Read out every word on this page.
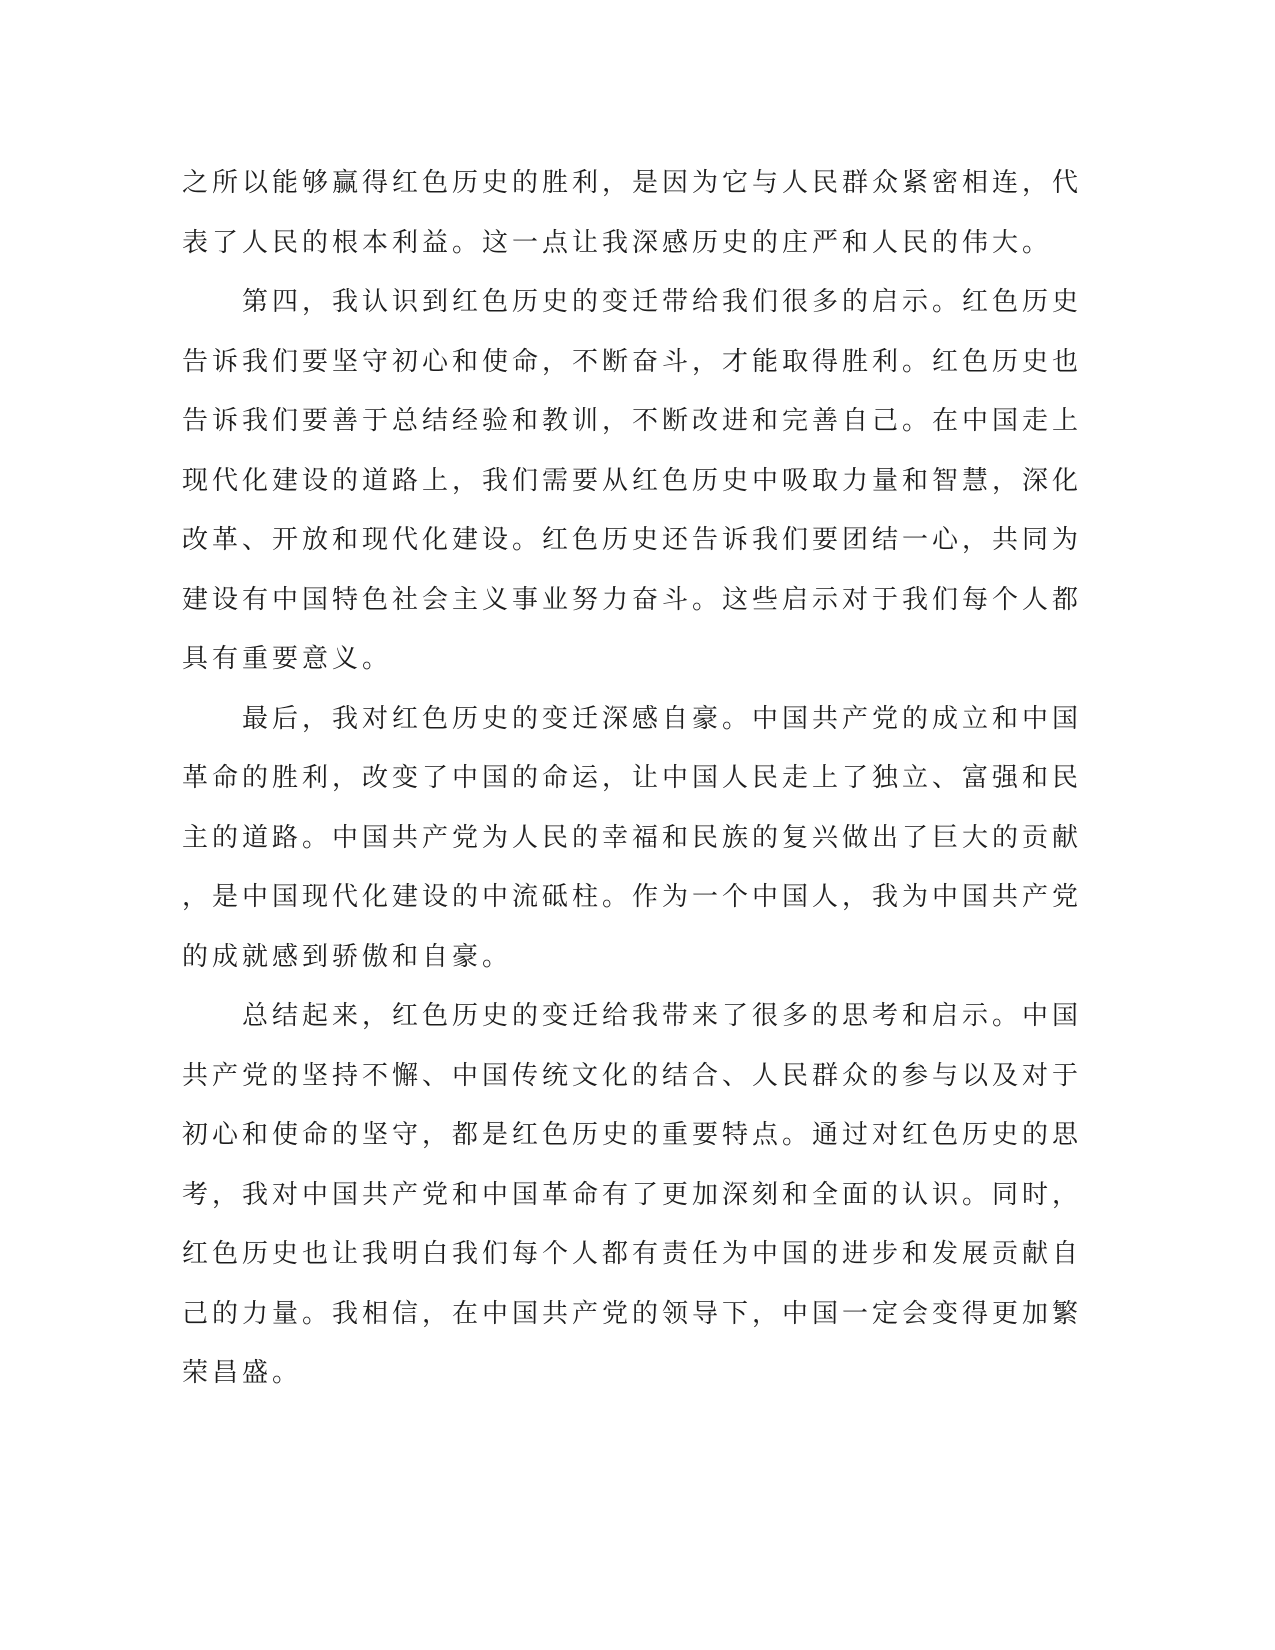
之所以能够赢得红色历史的胜利，是因为它与人民群众紧密相连，代
表了人民的根本利益。这一点让我深感历史的庄严和人民的伟大。
　　第四，我认识到红色历史的变迁带给我们很多的启示。红色历史
告诉我们要坚守初心和使命，不断奋斗，才能取得胜利。红色历史也
告诉我们要善于总结经验和教训，不断改进和完善自己。在中国走上
现代化建设的道路上，我们需要从红色历史中吸取力量和智慧，深化
改革、开放和现代化建设。红色历史还告诉我们要团结一心，共同为
建设有中国特色社会主义事业努力奋斗。这些启示对于我们每个人都
具有重要意义。
　　最后，我对红色历史的变迁深感自豪。中国共产党的成立和中国
革命的胜利，改变了中国的命运，让中国人民走上了独立、富强和民
主的道路。中国共产党为人民的幸福和民族的复兴做出了巨大的贡献
，是中国现代化建设的中流砥柱。作为一个中国人，我为中国共产党
的成就感到骄傲和自豪。
　　总结起来，红色历史的变迁给我带来了很多的思考和启示。中国
共产党的坚持不懈、中国传统文化的结合、人民群众的参与以及对于
初心和使命的坚守，都是红色历史的重要特点。通过对红色历史的思
考，我对中国共产党和中国革命有了更加深刻和全面的认识。同时，
红色历史也让我明白我们每个人都有责任为中国的进步和发展贡献自
己的力量。我相信，在中国共产党的领导下，中国一定会变得更加繁
荣昌盛。
